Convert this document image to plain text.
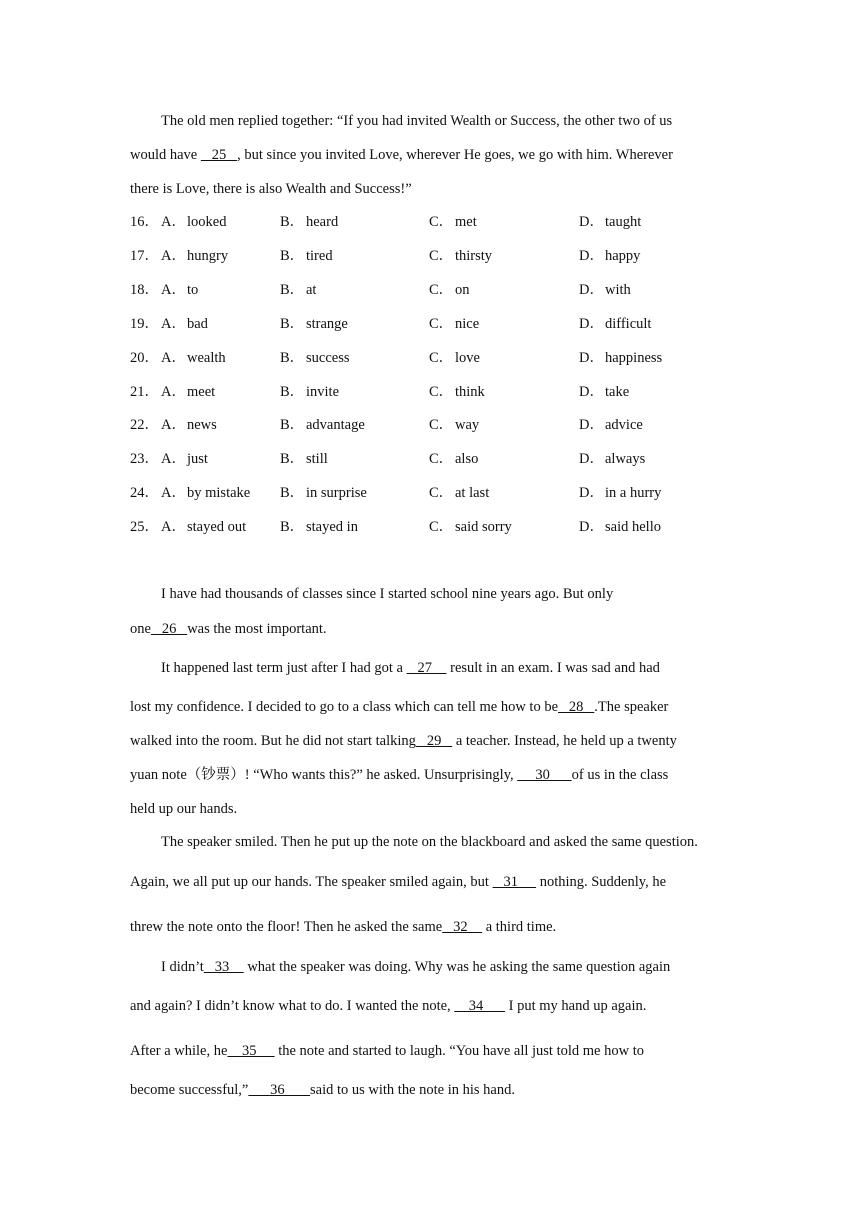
The old men replied together: “If you had invited Wealth or Success, the other two of us
would have    25   , but since you invited Love, wherever He goes, we go with him. Wherever
there is Love, there is also Wealth and Success!”
16． A．looked	B． heard	C． met	D．taught
17． A．hungry	B． tired	C． thirsty	D．happy
18． A．to	B． at	C． on	D．with
19． A．bad	B． strange	C． nice	D．difficult
20． A．wealth	B． success	C． love	D．happiness
21． A．meet	B． invite	C． think	D．take
22． A．news	B． advantage	C． way	D．advice
23． A．just	B． still	C． also	D．always
24． A．by mistake B． in surprise	C． at last	D．in a hurry
25． A．stayed out B． stayed in	C． said sorry	D．said hello
I have had thousands of classes since I started school nine years ago. But only
one   26   was the most important.
It happened last term just after I had got a    27     result in an exam. I was sad and had
lost my confidence. I decided to go to a class which can tell me how to be   28   .The speaker
walked into the room. But he did not start talking   29    a teacher. Instead, he held up a twenty
yuan note（钞票）! “Who wants this?” he asked. Unsurprisingly,      30      of us in the class
held up our hands.
The speaker smiled. Then he put up the note on the blackboard and asked the same question.
Again, we all put up our hands. The speaker smiled again, but    31      nothing. Suddenly, he
threw the note onto the floor! Then he asked the same   32     a third time.
I didn’t   33     what the speaker was doing. Why was he asking the same question again
and again? I didn’t know what to do. I wanted the note,     34       I put my hand up again.
After a while, he    35      the note and started to laugh. “You have all just told me how to
become successful,”      36       said to us with the note in his hand.
